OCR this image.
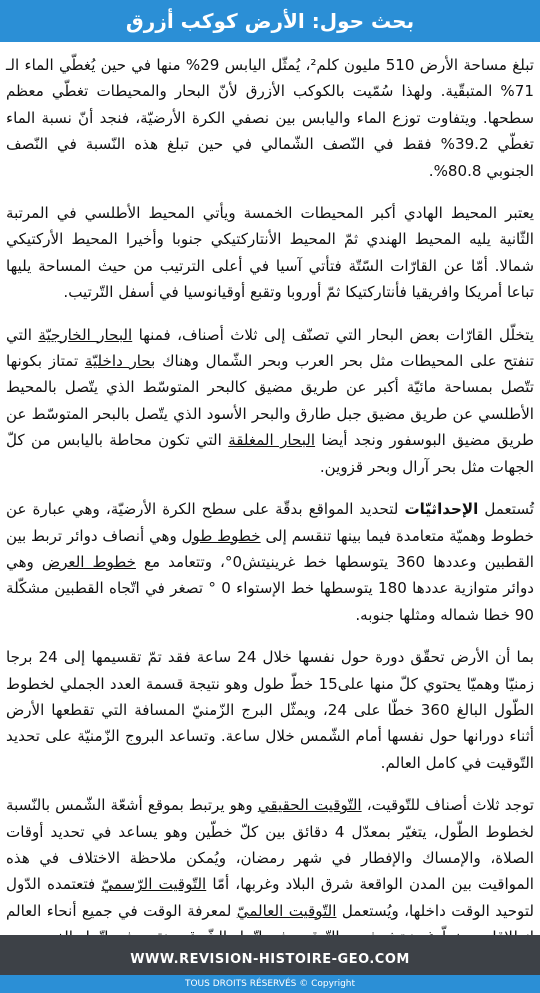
بحث حول: الأرض كوكب أزرق

تبلغ مساحة الأرض 510 مليون كلم²، يُمثّل اليابس 29% منها في حين يُغطّي الماء الـ 71% المتبقّية. ولهذا سُمّيت بالكوكب الأزرق لأنّ البحار والمحيطات تغطّي معظم سطحها. ويتفاوت توزع الماء واليابس بين نصفي الكرة الأرضيّة، فنجد أنّ نسبة الماء تغطّي 39.2% فقط في النّصف الشّمالي في حين تبلغ هذه النّسبة في النّصف الجنوبي 80.8%.

يعتبر المحيط الهادي أكبر المحيطات الخمسة ويأتي المحيط الأطلسي في المرتبة الثّانية يليه المحيط الهندي ثمّ المحيط الأنتاركتيكي جنوبا وأخيرا المحيط الأركتيكي شمالا. أمّا عن القارّات السّتّة فتأتي آسيا في أعلى الترتيب من حيث المساحة يليها تباعا أمريكا وافريقيا فأنتاركتيكا ثمّ أوروبا وتقبع أوقيانوسيا في أسفل التّرتيب.

يتخلّل القارّات بعض البحار التي تصنّف إلى ثلاث أصناف، فمنها البحار الخارجيّة التي تنفتح على المحيطات مثل بحر العرب وبحر الشّمال وهناك بحار داخليّة تمتاز بكونها تتّصل بمساحة مائيّة أكبر عن طريق مضيق كالبحر المتوسّط الذي يتّصل بالمحيط الأطلسي عن طريق مضيق جبل طارق والبحر الأسود الذي يتّصل بالبحر المتوسّط عن طريق مضيق البوسفور ونجد أيضا البحار المغلقة التي تكون محاطة باليابس من كلّ الجهات مثل بحر آرال وبحر قزوين.

تُستعمل الإحداثيّات لتحديد المواقع بدقّة على سطح الكرة الأرضيّة، وهي عبارة عن خطوط وهميّة متعامدة فيما بينها تنقسم إلى خطوط طول وهي أنصاف دوائر تربط بين القطبين وعددها 360 يتوسطها خط غرينيتش0°، وتتعامد مع خطوط العرض وهي دوائر متوازية عددها 180 يتوسطها خط الإستواء 0 ° تصغر في اتّجاه القطبين مشكّلة 90 خطا شماله ومثلها جنوبه.

بما أن الأرض تحقّق دورة حول نفسها خلال 24 ساعة فقد تمّ تقسيمها إلى 24 برجا زمنيّا وهميّا يحتوي كلّ منها على15 خطّ طول وهو نتيجة قسمة العدد الجملي لخطوط الطّول البالغ 360 خطّا على 24، ويمثّل البرج الزّمنيّ المسافة التي تقطعها الأرض أثناء دورانها حول نفسها أمام الشّمس خلال ساعة. وتساعد البروج الزّمنيّة على تحديد التّوقيت في كامل العالم.

توجد ثلاث أصناف للتّوقيت، التّوقيت الحقيقي وهو يرتبط بموقع أشعّة الشّمس بالنّسبة لخطوط الطّول، يتغيّر بمعدّل 4 دقائق بين كلّ خطّين وهو يساعد في تحديد أوقات الصلاة، والإمساك والإفطار في شهر رمضان، ويُمكن ملاحظة الاختلاف في هذه المواقيت بين المدن الواقعة شرق البلاد وغربها، أمّا التّوقيت الرّسميّ فتعتمده الدّول لتوحيد الوقت داخلها، ويُستعمل التّوقيت العالميّ لمعرفة الوقت في جميع أنحاء العالم

WWW.REVISION-HISTOIRE-GEO.COM
TOUS DROITS RÉSERVÉS © Copyright
